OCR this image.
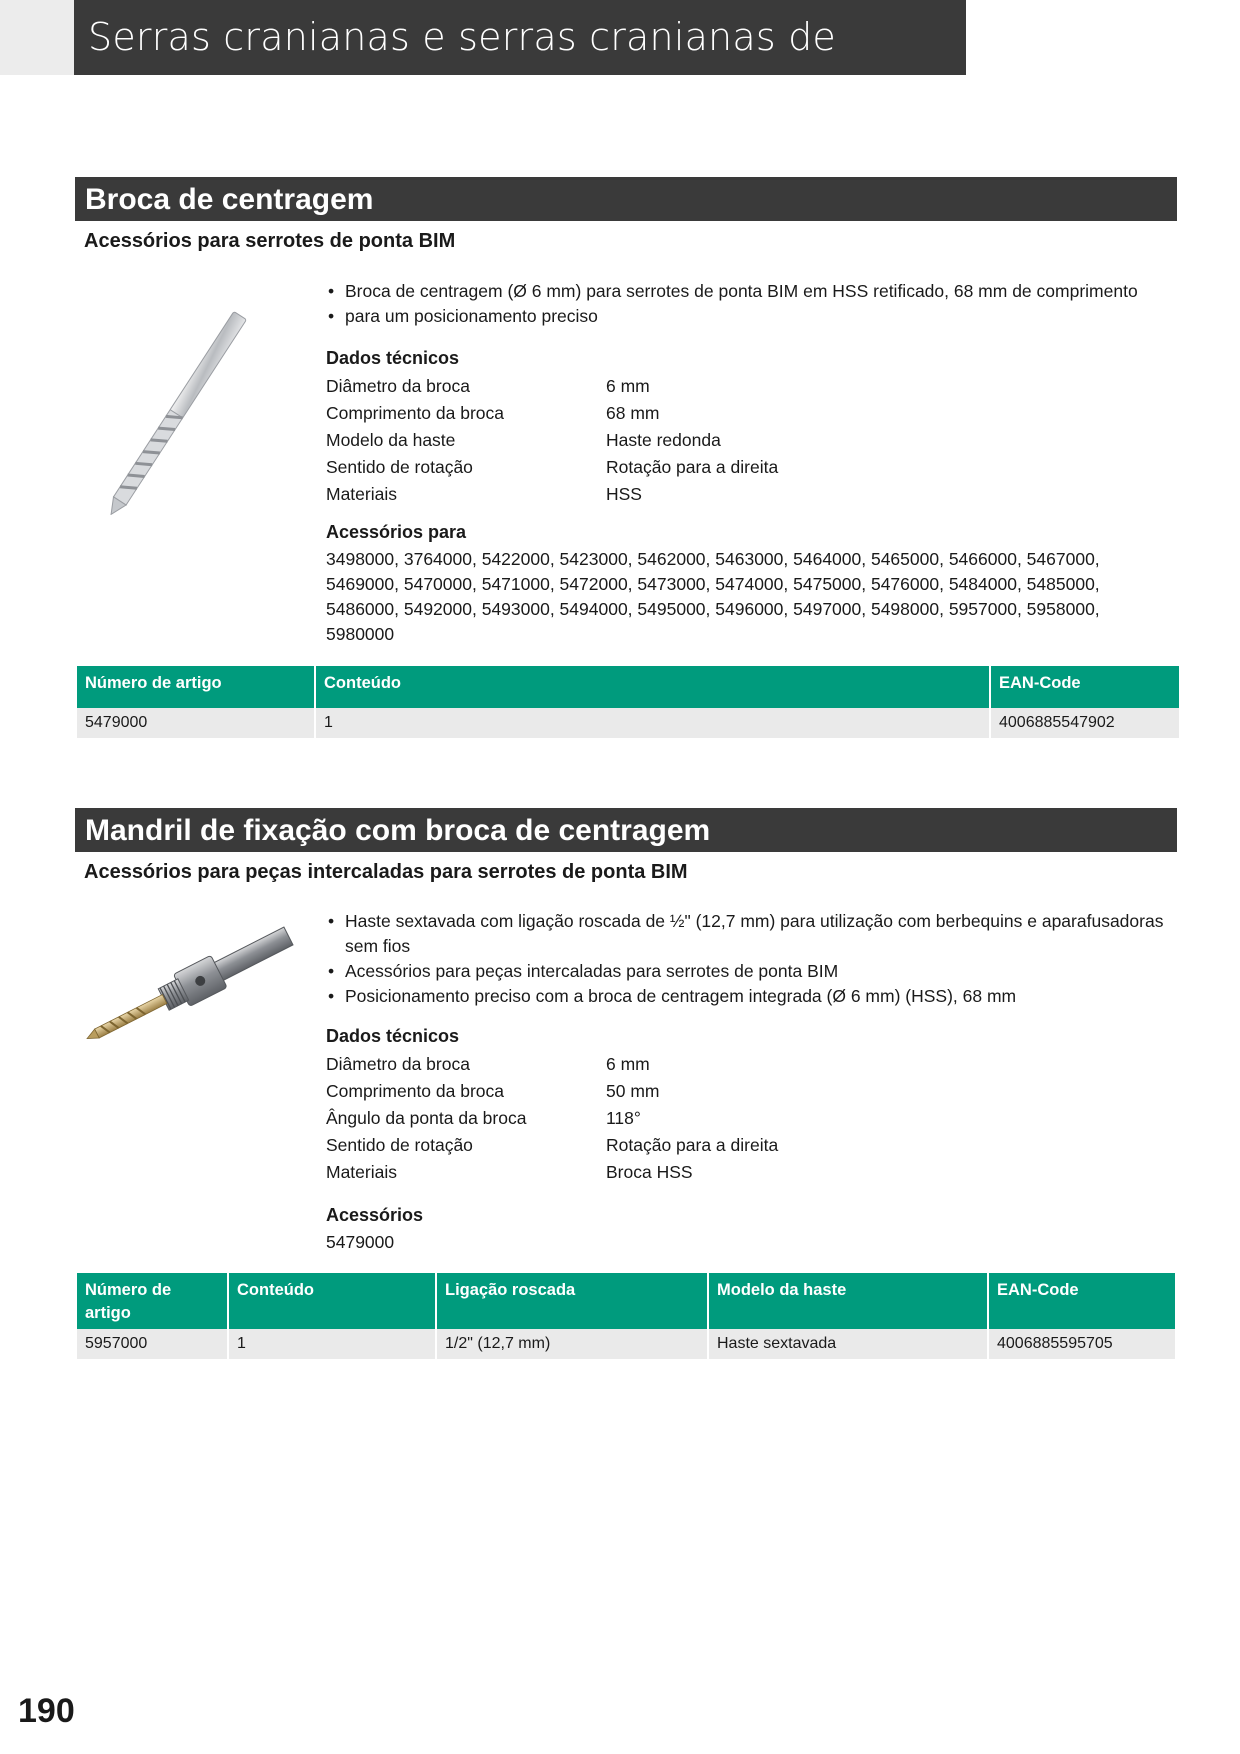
Serras cranianas e serras cranianas de perfuração
Broca de centragem
Acessórios para serrotes de ponta BIM
• Broca de centragem (Ø 6 mm) para serrotes de ponta BIM em HSS retificado, 68 mm de comprimento
• para um posicionamento preciso
Dados técnicos
Diâmetro da broca	6 mm
Comprimento da broca	68 mm
Modelo da haste	Haste redonda
Sentido de rotação	Rotação para a direita
Materiais	HSS
Acessórios para
3498000, 3764000, 5422000, 5423000, 5462000, 5463000, 5464000, 5465000, 5466000, 5467000,
5469000, 5470000, 5471000, 5472000, 5473000, 5474000, 5475000, 5476000, 5484000, 5485000,
5486000, 5492000, 5493000, 5494000, 5495000, 5496000, 5497000, 5498000, 5957000, 5958000,
5980000
Número de artigo	Conteúdo	EAN-Code
5479000	1	4006885547902
Mandril de fixação com broca de centragem
Acessórios para peças intercaladas para serrotes de ponta BIM
• Haste sextavada com ligação roscada de ½" (12,7 mm) para utilização com berbequins e aparafusadoras sem fios
• Acessórios para peças intercaladas para serrotes de ponta BIM
• Posicionamento preciso com a broca de centragem integrada (Ø 6 mm) (HSS), 68 mm
Dados técnicos
Diâmetro da broca	6 mm
Comprimento da broca	50 mm
Ângulo da ponta da broca	118°
Sentido de rotação	Rotação para a direita
Materiais	Broca HSS
Acessórios
5479000
Número de artigo	Conteúdo	Ligação roscada	Modelo da haste	EAN-Code
5957000	1	1/2" (12,7 mm)	Haste sextavada	4006885595705
190
